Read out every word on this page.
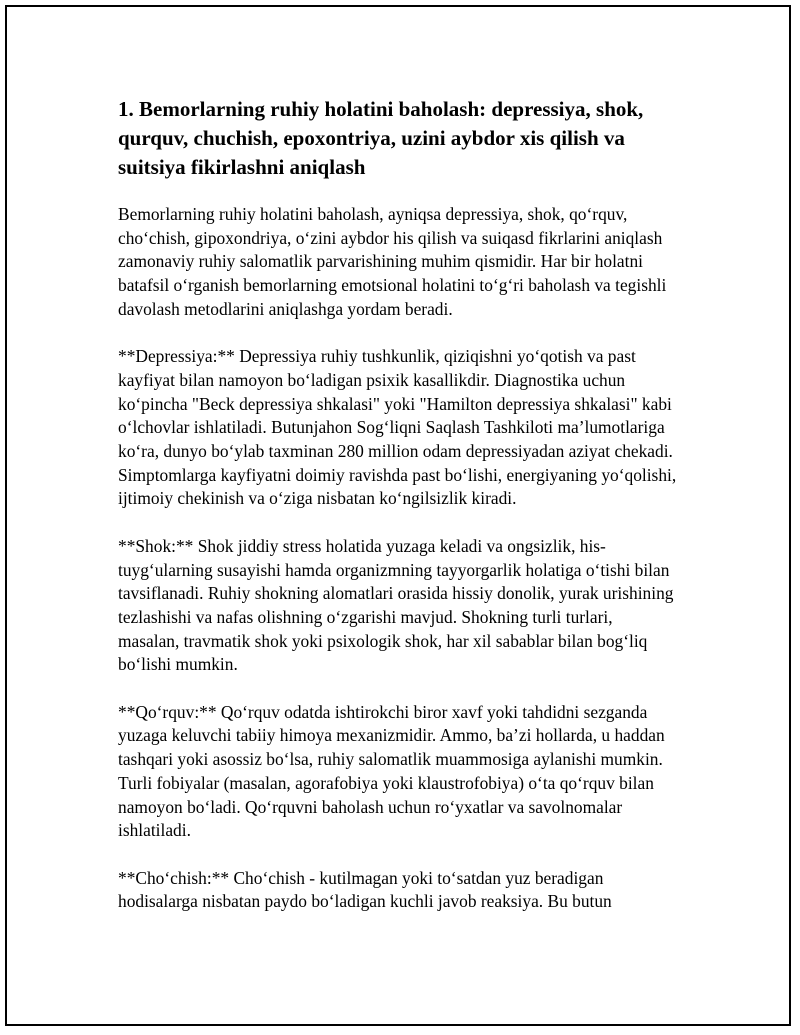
1. Bemorlarning ruhiy holatini baholash: depressiya, shok, qurquv, chuchish, epoxontriya, uzini aybdor xis qilish va suitsiya fikirlashni aniqlash

Bemorlarning ruhiy holatini baholash, ayniqsa depressiya, shok, qo‘rquv, cho‘chish, gipoxondriya, o‘zini aybdor his qilish va suiqasd fikrlarini aniqlash zamonaviy ruhiy salomatlik parvarishining muhim qismidir. Har bir holatni batafsil o‘rganish bemorlarning emotsional holatini to‘g‘ri baholash va tegishli davolash metodlarini aniqlashga yordam beradi.

**Depressiya:** Depressiya ruhiy tushkunlik, qiziqishni yo‘qotish va past kayfiyat bilan namoyon bo‘ladigan psixik kasallikdir. Diagnostika uchun ko‘pincha "Beck depressiya shkalasi" yoki "Hamilton depressiya shkalasi" kabi o‘lchovlar ishlatiladi. Butunjahon Sog‘liqni Saqlash Tashkiloti ma’lumotlariga ko‘ra, dunyo bo‘ylab taxminan 280 million odam depressiyadan aziyat chekadi. Simptomlarga kayfiyatni doimiy ravishda past bo‘lishi, energiyaning yo‘qolishi, ijtimoiy chekinish va o‘ziga nisbatan ko‘ngilsizlik kiradi.

**Shok:** Shok jiddiy stress holatida yuzaga keladi va ongsizlik, his-tuyg‘ularning susayishi hamda organizmning tayyorgarlik holatiga o‘tishi bilan tavsiflanadi. Ruhiy shokning alomatlari orasida hissiy donolik, yurak urishining tezlashishi va nafas olishning o‘zgarishi mavjud. Shokning turli turlari, masalan, travmatik shok yoki psixologik shok, har xil sabablar bilan bog‘liq bo‘lishi mumkin.

**Qo‘rquv:** Qo‘rquv odatda ishtirokchi biror xavf yoki tahdidni sezganda yuzaga keluvchi tabiiy himoya mexanizmidir. Ammo, ba’zi hollarda, u haddan tashqari yoki asossiz bo‘lsa, ruhiy salomatlik muammosiga aylanishi mumkin. Turli fobiyalar (masalan, agorafobiya yoki klaustrofobiya) o‘ta qo‘rquv bilan namoyon bo‘ladi. Qo‘rquvni baholash uchun ro‘yxatlar va savolnomalar ishlatiladi.

**Cho‘chish:** Cho‘chish - kutilmagan yoki to‘satdan yuz beradigan hodisalarga nisbatan paydo bo‘ladigan kuchli javob reaksiya. Bu butun
